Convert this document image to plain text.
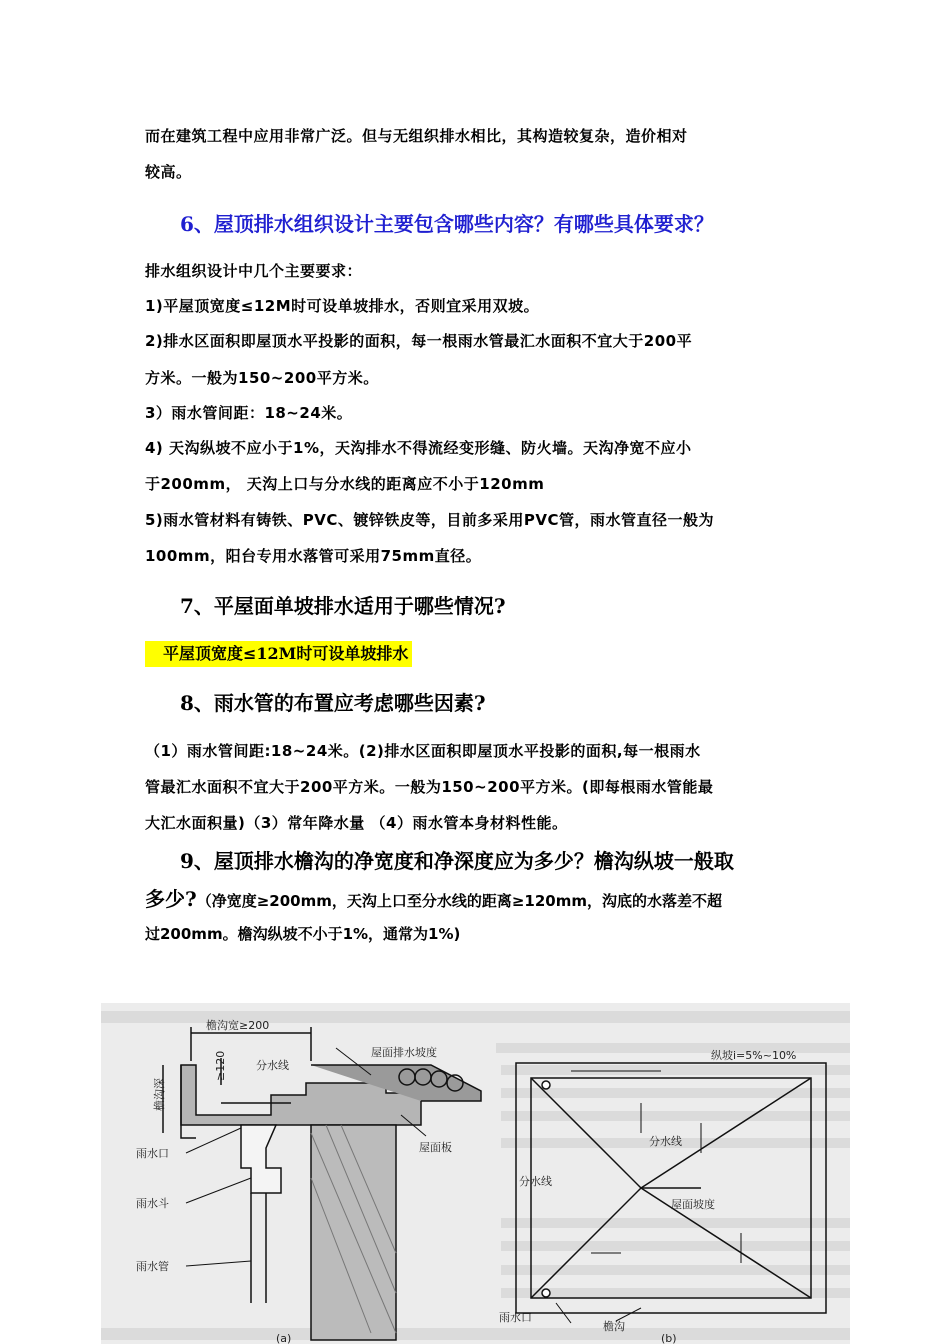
而在建筑工程中应用非常广泛。但与无组织排水相比，其构造较复杂，造价相对

较高。

6、屋顶排水组织设计主要包含哪些内容？有哪些具体要求？

排水组织设计中几个主要要求：

1)平屋顶宽度≤12M时可设单坡排水，否则宜采用双坡。

2)排水区面积即屋顶水平投影的面积，每一根雨水管最汇水面积不宜大于200平

方米。一般为150~200平方米。

3）雨水管间距：18~24米。

4) 天沟纵坡不应小于1%，天沟排水不得流经变形缝、防火墙。天沟净宽不应小

于200mm， 天沟上口与分水线的距离应不小于120mm

5)雨水管材料有铸铁、PVC、镀锌铁皮等，目前多采用PVC管，雨水管直径一般为

100mm，阳台专用水落管可采用75mm直径。

7、平屋面单坡排水适用于哪些情况?
平屋顶宽度≤12M时可设单坡排水
8、雨水管的布置应考虑哪些因素?

（1）雨水管间距:18~24米。(2)排水区面积即屋顶水平投影的面积,每一根雨水

管最汇水面积不宜大于200平方米。一般为150~200平方米。(即每根雨水管能最

大汇水面积量)（3）常年降水量 （4）雨水管本身材料性能。

9、屋顶排水檐沟的净宽度和净深度应为多少？檐沟纵坡一般取
多少?（净宽度≥200mm，天沟上口至分水线的距离≥120mm，沟底的水落差不超
过200mm。檐沟纵坡不小于1%，通常为1%)
檐沟宽≥200
≥120
檐沟深
分水线
屋面排水坡度
屋面板
雨水口
雨水斗
雨水管
(a)
纵坡i=5%~10%
分水线
分水线
屋面坡度
雨水口
檐沟
(b)
